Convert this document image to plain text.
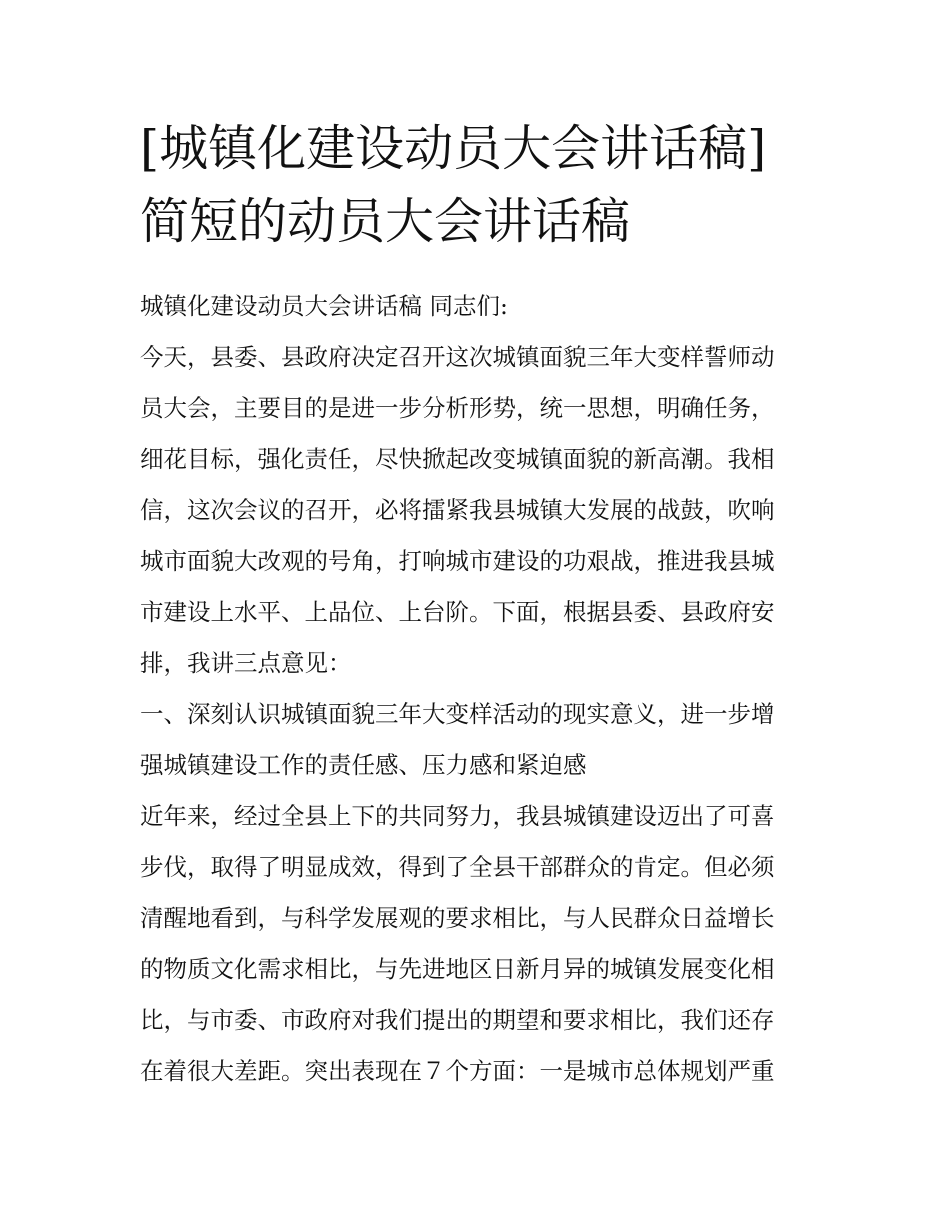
[城镇化建设动员大会讲话稿]
简短的动员大会讲话稿
城镇化建设动员大会讲话稿 同志们:
今天，县委、县政府决定召开这次城镇面貌三年大变样誓师动
员大会，主要目的是进一步分析形势，统一思想，明确任务，
细花目标，强化责任，尽快掀起改变城镇面貌的新高潮。我相
信，这次会议的召开，必将擂紧我县城镇大发展的战鼓，吹响
城市面貌大改观的号角，打响城市建设的功艰战，推进我县城
市建设上水平、上品位、上台阶。下面，根据县委、县政府安
排，我讲三点意见：
一、深刻认识城镇面貌三年大变样活动的现实意义，进一步增
强城镇建设工作的责任感、压力感和紧迫感
近年来，经过全县上下的共同努力，我县城镇建设迈出了可喜
步伐，取得了明显成效，得到了全县干部群众的肯定。但必须
清醒地看到，与科学发展观的要求相比，与人民群众日益增长
的物质文化需求相比，与先进地区日新月异的城镇发展变化相
比，与市委、市政府对我们提出的期望和要求相比，我们还存
在着很大差距。突出表现在７个方面：一是城市总体规划严重
